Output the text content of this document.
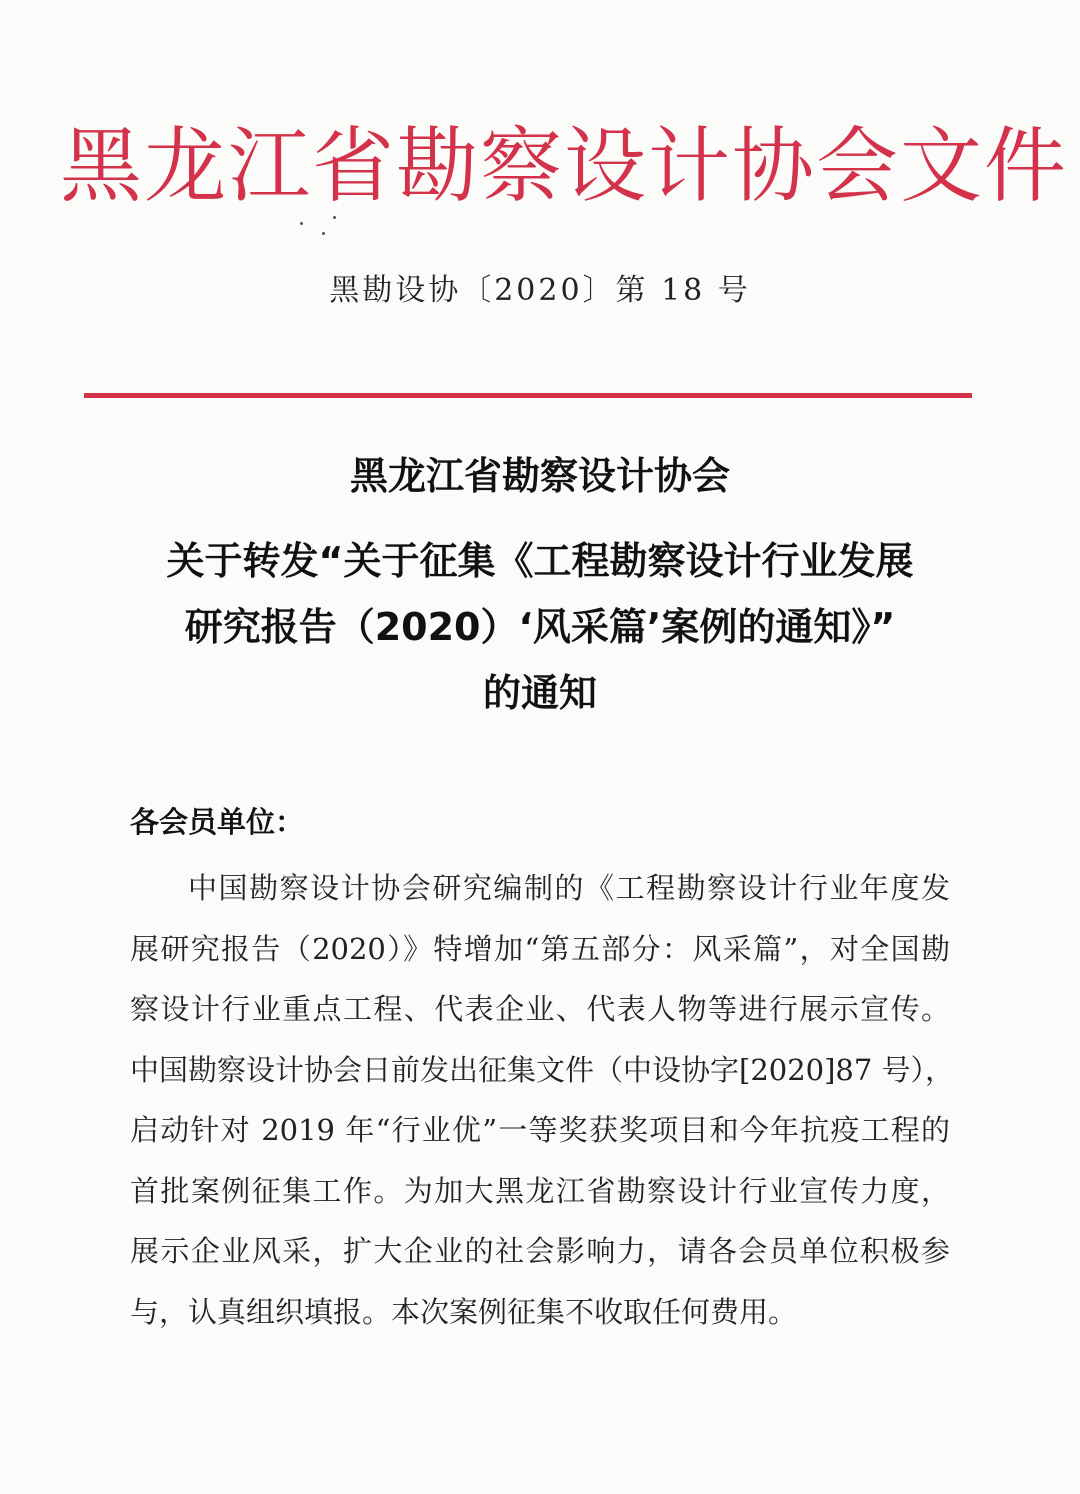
黑龙江省勘察设计协会文件
黑勘设协〔2020〕第 18 号
黑龙江省勘察设计协会
关于转发“关于征集《工程勘察设计行业发展
研究报告（2020）‘风采篇’案例的通知》”
的通知
各会员单位：
中国勘察设计协会研究编制的《工程勘察设计行业年度发
展研究报告（2020）》特增加“第五部分：风采篇”，对全国勘
察设计行业重点工程、代表企业、代表人物等进行展示宣传。
中国勘察设计协会日前发出征集文件（中设协字[2020]87 号），
启动针对 2019 年“行业优”一等奖获奖项目和今年抗疫工程的
首批案例征集工作。为加大黑龙江省勘察设计行业宣传力度，
展示企业风采，扩大企业的社会影响力，请各会员单位积极参
与，认真组织填报。本次案例征集不收取任何费用。
